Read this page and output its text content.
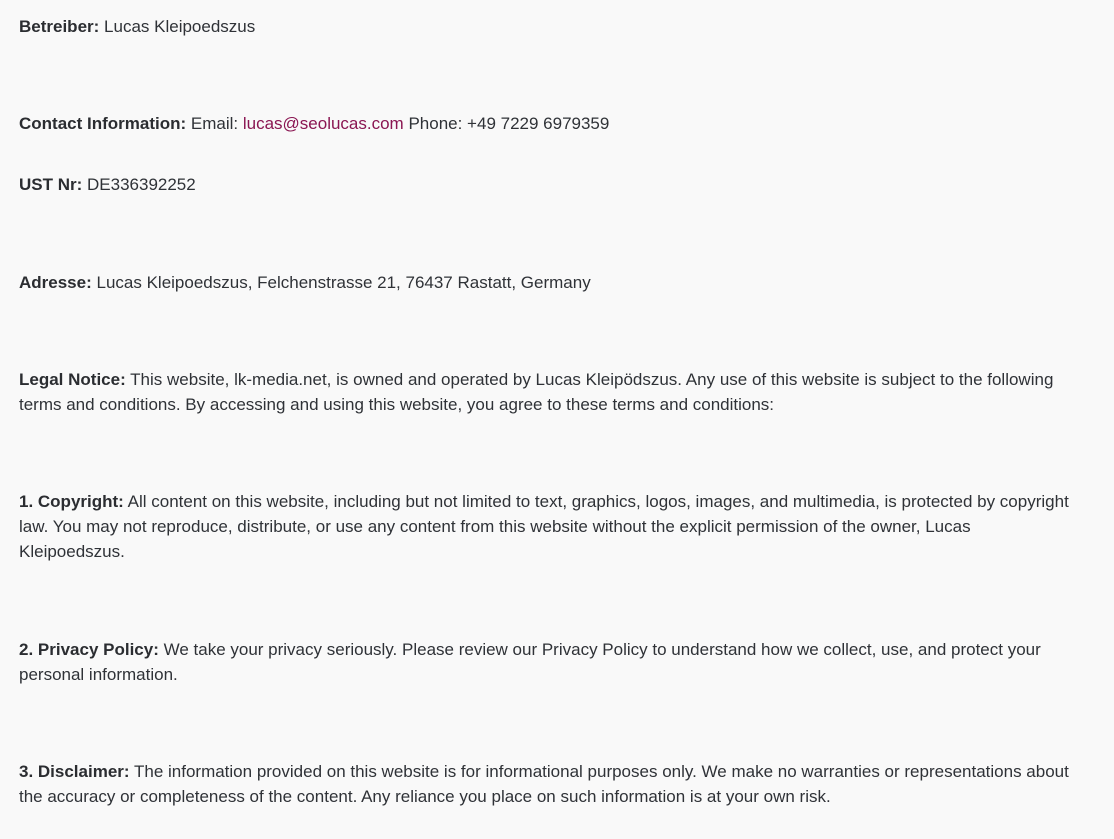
Betreiber: Lucas Kleipoedszus

Contact Information: Email: lucas@seolucas.com Phone: +49 7229 6979359

UST Nr: DE336392252

Adresse: Lucas Kleipoedszus, Felchenstrasse 21, 76437 Rastatt, Germany

Legal Notice: This website, lk-media.net, is owned and operated by Lucas Kleipödszus. Any use of this website is subject to the following terms and conditions. By accessing and using this website, you agree to these terms and conditions:

1. Copyright: All content on this website, including but not limited to text, graphics, logos, images, and multimedia, is protected by copyright law. You may not reproduce, distribute, or use any content from this website without the explicit permission of the owner, Lucas Kleipoedszus.

2. Privacy Policy: We take your privacy seriously. Please review our Privacy Policy to understand how we collect, use, and protect your personal information.

3. Disclaimer: The information provided on this website is for informational purposes only. We make no warranties or representations about the accuracy or completeness of the content. Any reliance you place on such information is at your own risk.
